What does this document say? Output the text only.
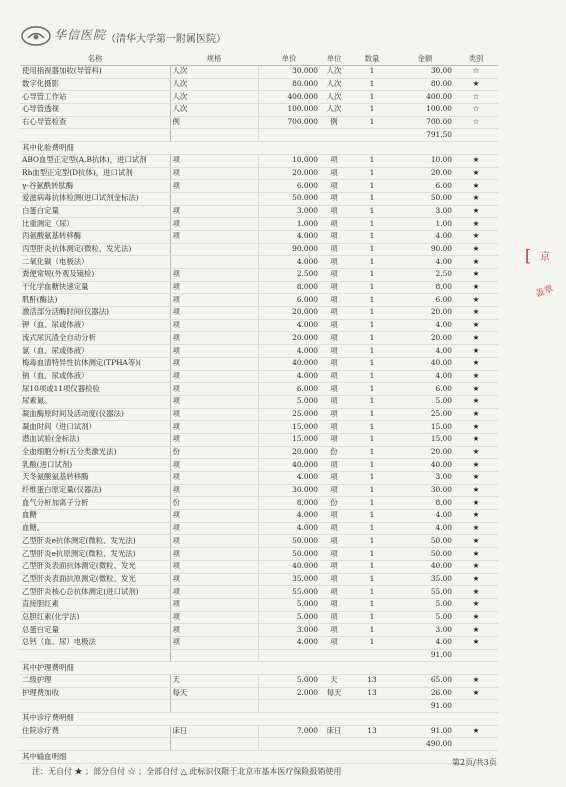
华信医院 （清华大学第一附属医院）
名称	规格	单价	单位	数量	金额	类别
使用指视器加收(导管科)	人次	30.000	人次	1	30.00	☆
数字化摄影	人次	80.000	人次	1	80.00	★
心导管工作站	人次	400.000	人次	1	400.00	☆
心导管透视	人次	100.000	人次	1	100.00	☆
右心导管检查	例	700.000	例	1	700.00	☆
					791.50	
其中化验费明细						
ABO血型正定型(A,B抗体)，进口试剂	项	10.000	项	1	10.00	★
Rh血型正定型(D抗体)，进口试剂	项	20.000	项	1	20.00	★
γ-谷氨酰转肽酶	项	6.000	项	1	6.00	★
爱滋病毒抗体检测(进口试剂金标法)		50.000	项	1	50.00	★
白蛋白定量	项	3.000	项	1	3.00	★
比重测定（尿）	项	1.000	项	1	1.00	★
丙氨酸氨基转移酶	项	4.000	项	1	4.00	★
丙型肝炎抗体测定(微粒、发光法)		90.000	项	1	90.00	★
二氧化碳（电极法）		4.000	项	1	4.00	★
粪便常规(外观及镜检)	项	2.500	项	1	2.50	★
干化学血糖快速定量	项	8.000	项	1	8.00	★
肌酐(酶法)	项	6.000	项	1	6.00	★
激活部分活酶时间(仪器法)	项	20.000	项	1	20.00	★
钾（血、尿或体液）	项	4.000	项	1	4.00	★
流式尿沉渣全自动分析	项	20.000	项	1	20.00	★
氯（血、尿或体液）	项	4.000	项	1	4.00	★
梅毒血清特异性抗体测定(TPHA等)(	项	40.000	项	1	40.00	★
钠（血、尿或体液）	项	4.000	项	1	4.00	★
尿10项或11项仪器检验	项	6.000	项	1	6.00	★
尿素氮。	项	5.000	项	1	5.00	★
凝血酶原时间及活动度(仪器法)	项	25.000	项	1	25.00	★
凝血时间（进口试剂）	项	15.000	项	1	15.00	★
潜血试验(金标法)	项	15.000	项	1	15.00	★
全血细胞分析(五分类激光法)	份	20.000	份	1	20.00	★
乳酸(进口试剂)	项	40.000	项	1	40.00	★
天冬氨酸氨基转移酶	项	4.000	项	1	3.00	★
纤维蛋白原定量(仪器法)	项	30.000	项	1	30.00	★
血气分析加离子分析	份	8.000	份	1	8.00	★
血糖	项	4.000	项	1	4.00	★
血糖。	项	4.000	项	1	4.00	★
乙型肝炎e抗体测定(微粒、发光法)	项	50.000	项	1	50.00	★
乙型肝炎e抗原测定(微粒、发光法)	项	50.000	项	1	50.00	★
乙型肝炎表面抗体测定(微粒、发光	项	40.000	项	1	40.00	★
乙型肝炎表面抗原测定(微粒、发光	项	35.000	项	1	35.00	★
乙型肝炎核心总抗体测定(进口试剂)	项	55.000	项	1	55.00	★
直接胆红素	项	5.000	项	1	5.00	★
总胆红素(化学法)	项	5.000	项	1	5.00	★
总蛋白定量	项	3.000	项	1	3.00	★
总钙（血、尿）电极法	项	4.000	项	1	4.00	★
					91.00	
其中护理费明细						
二级护理	天	5.000	天	13	65.00	★
护理费加收	每天	2.000	每天	13	26.00	★
					91.00	
其中诊疗费明细						
住院诊疗费	床日	7.000	床日	13	91.00	★
					490.00	
其中输血明细						
[ 京
盖章
第2页/共3页
注：无自付 ★ ；部分自付 ☆ ；全部自付 △ 此标识仅限于北京市基本医疗保险报销使用
